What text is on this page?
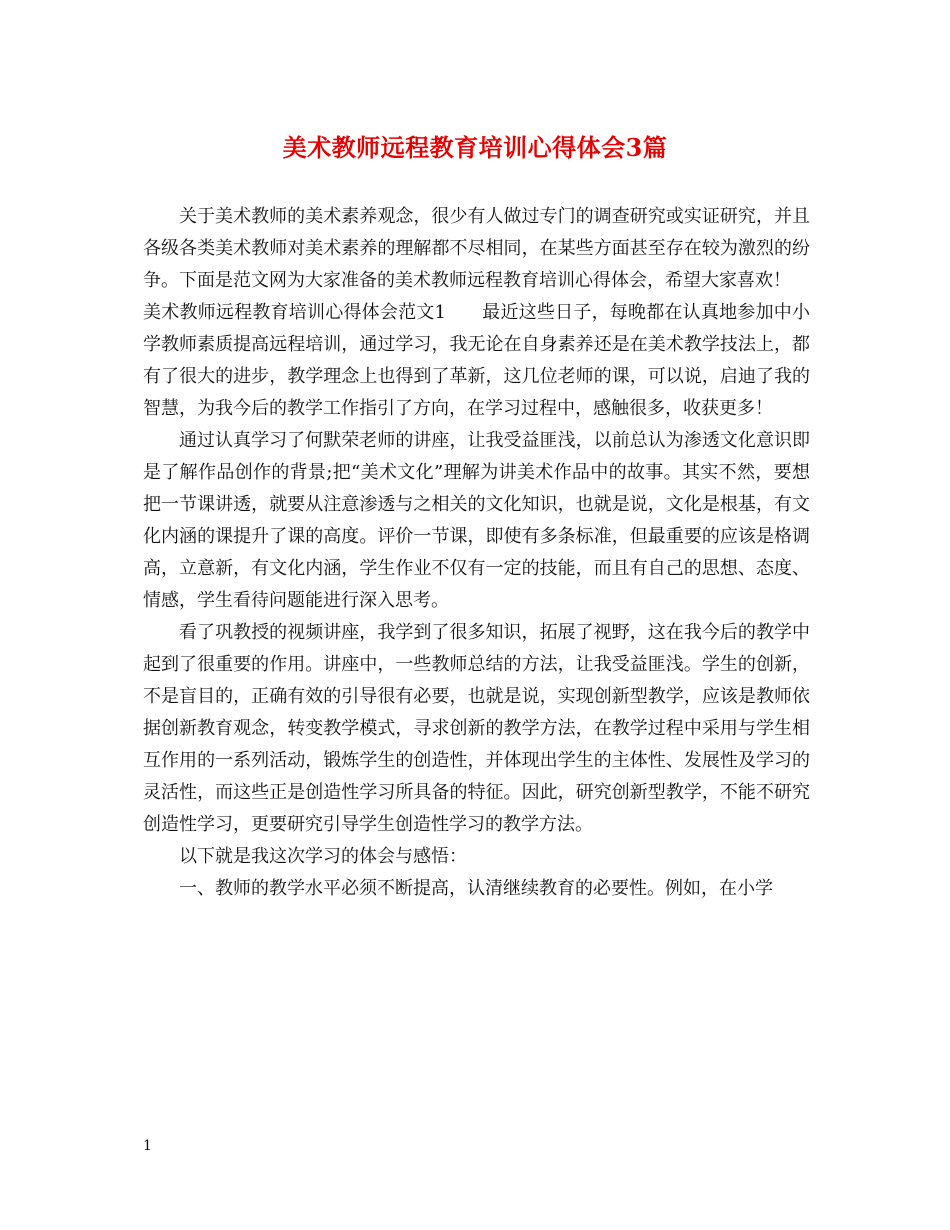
美术教师远程教育培训心得体会3篇

关于美术教师的美术素养观念，很少有人做过专门的调查研究或实证研究，并且各级各类美术教师对美术素养的理解都不尽相同，在某些方面甚至存在较为激烈的纷争。下面是范文网为大家准备的美术教师远程教育培训心得体会，希望大家喜欢！

美术教师远程教育培训心得体会范文1 最近这些日子，每晚都在认真地参加中小学教师素质提高远程培训，通过学习，我无论在自身素养还是在美术教学技法上，都有了很大的进步，教学理念上也得到了革新，这几位老师的课，可以说，启迪了我的智慧，为我今后的教学工作指引了方向，在学习过程中，感触很多，收获更多！

通过认真学习了何默荣老师的讲座，让我受益匪浅，以前总认为渗透文化意识即是了解作品创作的背景;把“美术文化”理解为讲美术作品中的故事。其实不然，要想把一节课讲透，就要从注意渗透与之相关的文化知识，也就是说，文化是根基，有文化内涵的课提升了课的高度。评价一节课，即使有多条标准，但最重要的应该是格调高，立意新，有文化内涵，学生作业不仅有一定的技能，而且有自己的思想、态度、情感，学生看待问题能进行深入思考。

看了巩教授的视频讲座，我学到了很多知识，拓展了视野，这在我今后的教学中起到了很重要的作用。讲座中，一些教师总结的方法，让我受益匪浅。学生的创新，不是盲目的，正确有效的引导很有必要，也就是说，实现创新型教学，应该是教师依据创新教育观念，转变教学模式，寻求创新的教学方法，在教学过程中采用与学生相互作用的一系列活动，锻炼学生的创造性，并体现出学生的主体性、发展性及学习的灵活性，而这些正是创造性学习所具备的特征。因此，研究创新型教学，不能不研究创造性学习，更要研究引导学生创造性学习的教学方法。

以下就是我这次学习的体会与感悟：

一、教师的教学水平必须不断提高，认清继续教育的必要性。例如，在小学

1
